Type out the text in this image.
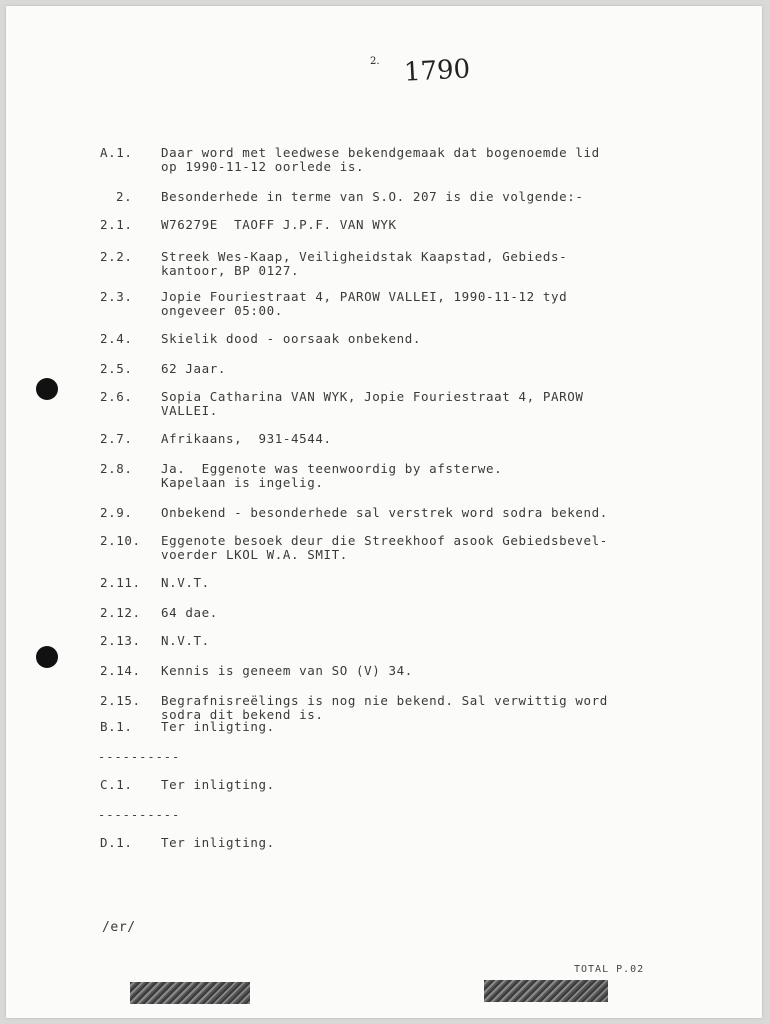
2. 1790
A.1. Daar word met leedwese bekendgemaak dat bogenoemde lid
op 1990-11-12 oorlede is.
2. Besonderhede in terme van S.O. 207 is die volgende:-
2.1. W76279E  TAOFF J.P.F. VAN WYK
2.2. Streek Wes-Kaap, Veiligheidstak Kaapstad, Gebieds-
kantoor, BP 0127.
2.3. Jopie Fouriestraat 4, PAROW VALLEI, 1990-11-12 tyd
ongeveer 05:00.
2.4. Skielik dood - oorsaak onbekend.
2.5. 62 Jaar.
2.6. Sopia Catharina VAN WYK, Jopie Fouriestraat 4, PAROW
VALLEI.
2.7. Afrikaans,  931-4544.
2.8. Ja.  Eggenote was teenwoordig by afsterwe.
Kapelaan is ingelig.
2.9. Onbekend - besonderhede sal verstrek word sodra bekend.
2.10. Eggenote besoek deur die Streekhoof asook Gebiedsbevel-
voerder LKOL W.A. SMIT.
2.11. N.V.T.
2.12. 64 dae.
2.13. N.V.T.
2.14. Kennis is geneem van SO (V) 34.
2.15. Begrafnisreëlings is nog nie bekend. Sal verwittig word
sodra dit bekend is.
B.1. Ter inligting.
C.1. Ter inligting.
D.1. Ter inligting.
----------
----------
/er/
TOTAL P.02
